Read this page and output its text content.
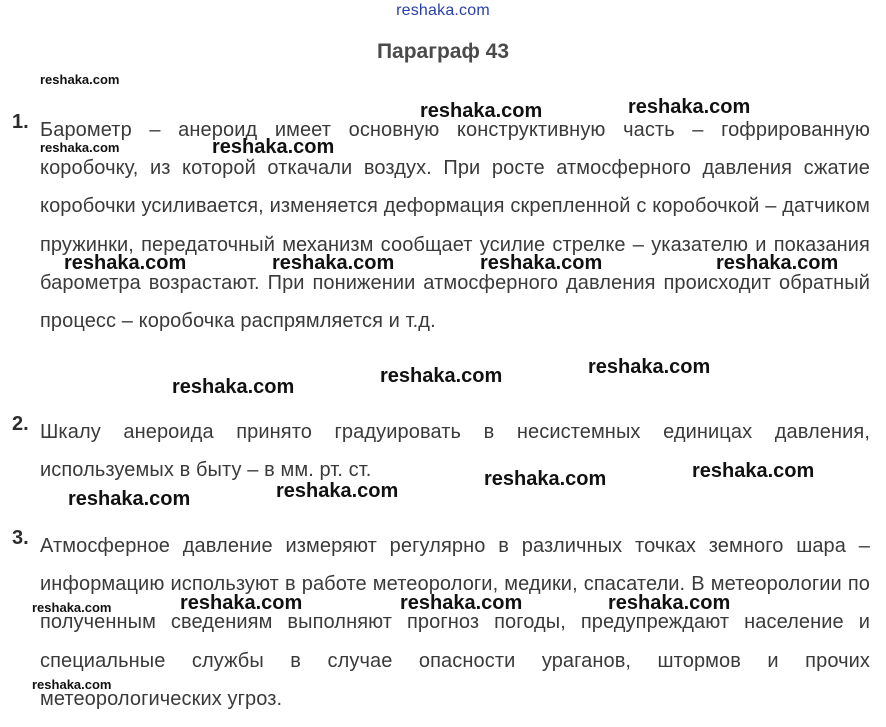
reshaka.com
Параграф 43
1. Барометр – анероид имеет основную конструктивную часть – гофрированную коробочку, из которой откачали воздух. При росте атмосферного давления сжатие коробочки усиливается, изменяется деформация скрепленной с коробочкой – датчиком пружинки, передаточный механизм сообщает усилие стрелке – указателю и показания барометра возрастают. При понижении атмосферного давления происходит обратный процесс – коробочка распрямляется и т.д.
2. Шкалу анероида принято градуировать в несистемных единицах давления, используемых в быту – в мм. рт. ст.
3. Атмосферное давление измеряют регулярно в различных точках земного шара – информацию используют в работе метеорологи, медики, спасатели. В метеорологии по полученным сведениям выполняют прогноз погоды, предупреждают население и специальные службы в случае опасности ураганов, штормов и прочих метеорологических угроз.
reshaka.com
reshaka.com	reshaka.com
reshaka.com	reshaka.com
reshaka.com	reshaka.com	reshaka.com	reshaka.com
reshaka.com
reshaka.com
reshaka.com
reshaka.com
reshaka.com
reshaka.com
reshaka.com
reshaka.com	reshaka.com	reshaka.com	reshaka.com
reshaka.com
